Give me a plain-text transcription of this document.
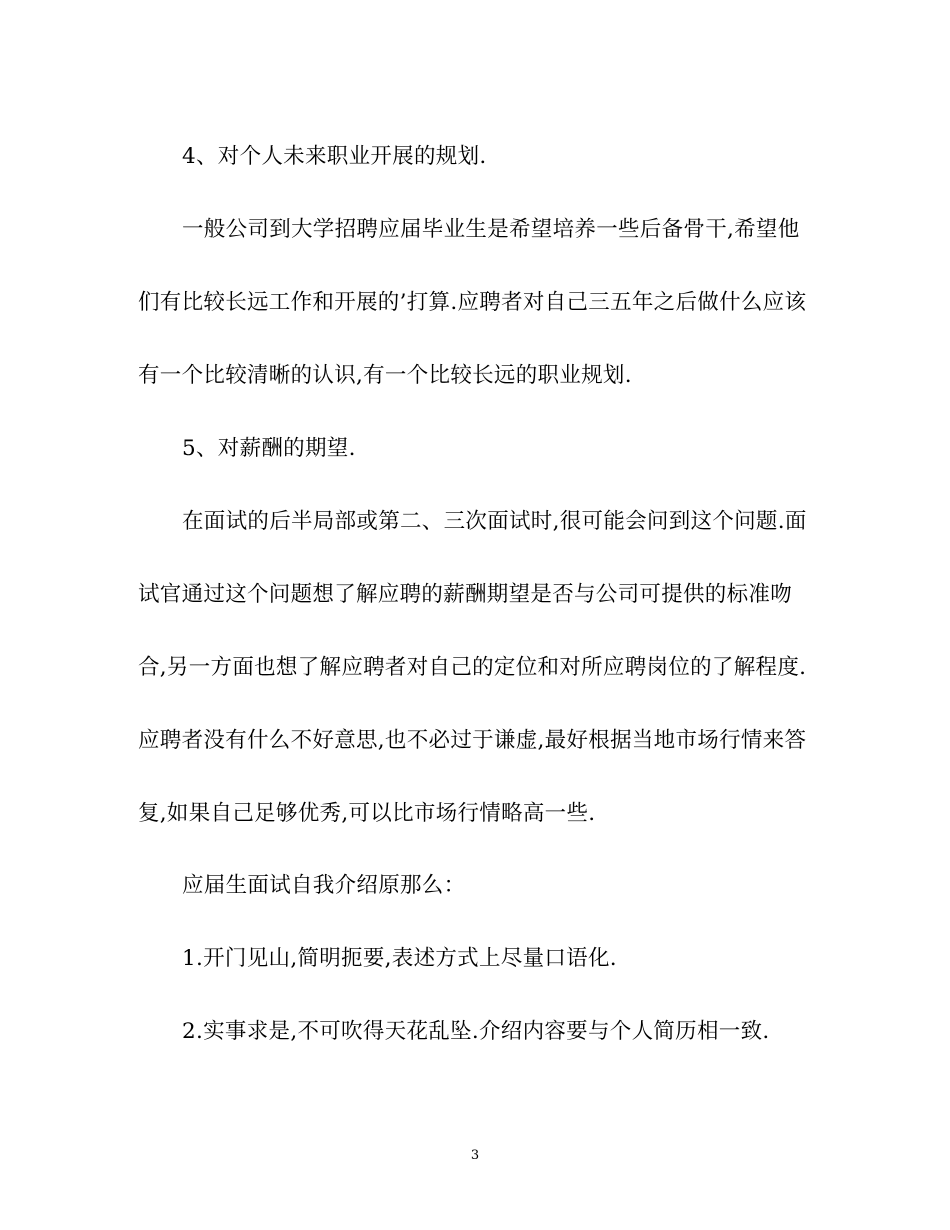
4、对个人未来职业开展的规划.
一般公司到大学招聘应届毕业生是希望培养一些后备骨干,希望他
们有比较长远工作和开展的’打算.应聘者对自己三五年之后做什么应该
有一个比较清晰的认识,有一个比较长远的职业规划.
5、对薪酬的期望.
在面试的后半局部或第二、三次面试时,很可能会问到这个问题.面
试官通过这个问题想了解应聘的薪酬期望是否与公司可提供的标准吻
合,另一方面也想了解应聘者对自己的定位和对所应聘岗位的了解程度.
应聘者没有什么不好意思,也不必过于谦虚,最好根据当地市场行情来答
复,如果自己足够优秀,可以比市场行情略高一些.
应届生面试自我介绍原那么：
1.开门见山,简明扼要,表述方式上尽量口语化.
2.实事求是,不可吹得天花乱坠.介绍内容要与个人简历相一致.
3
